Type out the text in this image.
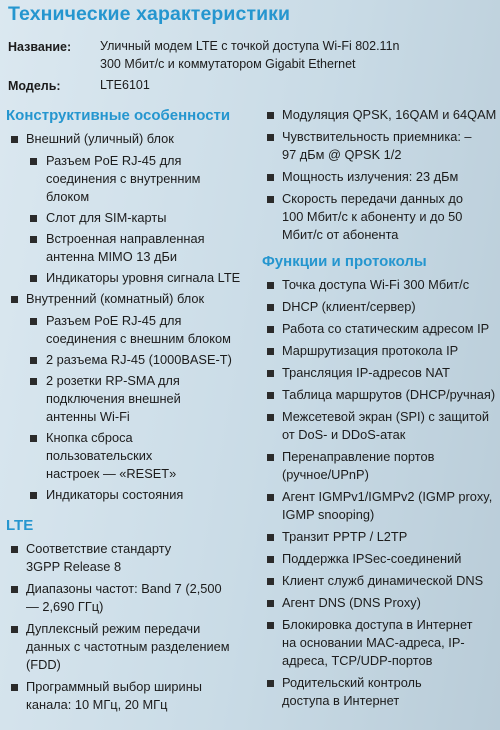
Технические характеристики
Название: Уличный модем LTE с точкой доступа Wi-Fi 802.11n
300 Мбит/с и коммутатором Gigabit Ethernet
Модель:	LTE6101
Конструктивные особенности
Внешний (уличный) блок
Разъем PoE RJ-45 для соединения с внутренним блоком
Слот для SIM-карты
Встроенная направленная антенна MIMO 13 дБи
Индикаторы уровня сигнала LTE
Внутренний (комнатный) блок
Разъем PoE RJ-45 для соединения с внешним блоком
2 разъема RJ-45 (1000BASE-T)
2 розетки RP-SMA для подключения внешней антенны Wi-Fi
Кнопка сброса пользовательских настроек — «RESET»
Индикаторы состояния
LTE
Соответствие стандарту 3GPP Release 8
Диапазоны частот: Band 7 (2,500 — 2,690 ГГц)
Дуплексный режим передачи данных с частотным разделением (FDD)
Программный выбор ширины канала: 10 МГц, 20 МГц
Модуляция QPSK, 16QAM и 64QAM
Чувствительность приемника: –97 дБм @ QPSK 1/2
Мощность излучения: 23 дБм
Скорость передачи данных до 100 Мбит/с к абоненту и до 50 Мбит/с от абонента
Функции и протоколы
Точка доступа Wi-Fi 300 Мбит/с
DHCP (клиент/сервер)
Работа со статическим адресом IP
Маршрутизация протокола IP
Трансляция IP-адресов NAT
Таблица маршрутов (DHCP/ручная)
Межсетевой экран (SPI) с защитой от DoS- и DDoS-атак
Перенаправление портов (ручное/UPnP)
Агент IGMPv1/IGMPv2 (IGMP proxy, IGMP snooping)
Транзит PPTP / L2TP
Поддержка IPSec-соединений
Клиент служб динамической DNS
Агент DNS (DNS Proxy)
Блокировка доступа в Интернет на основании MAC-адреса, IP-адреса, TCP/UDP-портов
Родительский контроль доступа в Интернет
